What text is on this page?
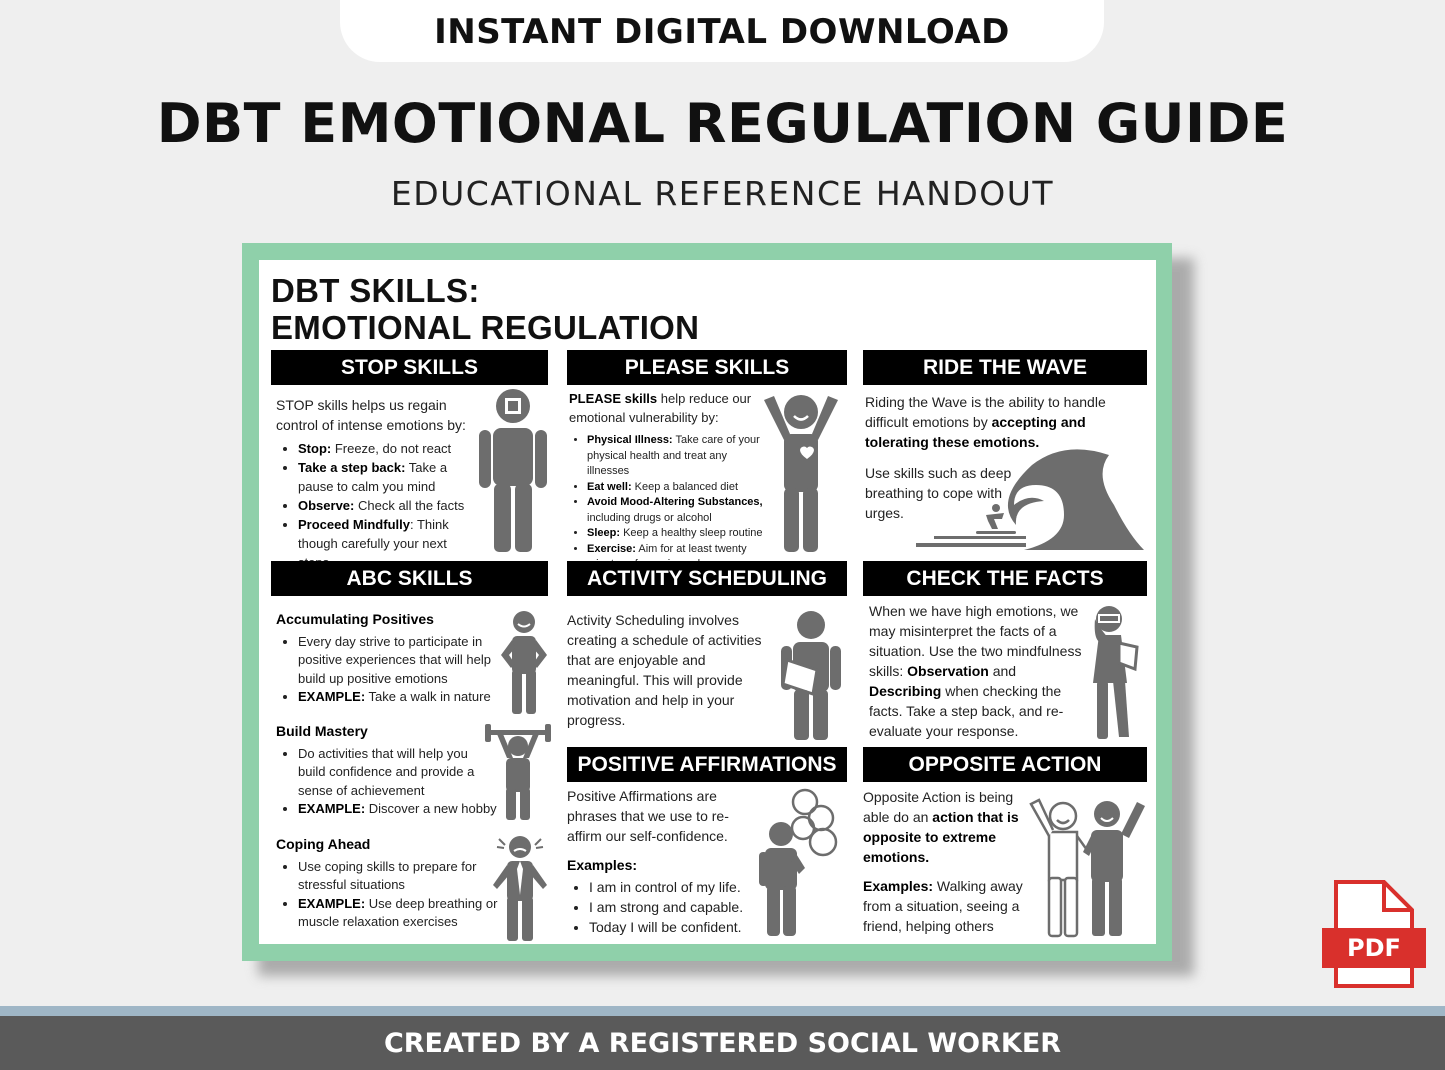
INSTANT DIGITAL DOWNLOAD
DBT EMOTIONAL REGULATION GUIDE
EDUCATIONAL REFERENCE HANDOUT
DBT SKILLS:
EMOTIONAL REGULATION
STOP SKILLS
STOP skills helps us regain control of intense emotions by:
• Stop: Freeze, do not react
• Take a step back: Take a pause to calm you mind
• Observe: Check all the facts
• Proceed Mindfully: Think though carefully your next
PLEASE SKILLS
PLEASE skills help reduce our emotional vulnerability by:
• Physical Illness: Take care of your physical health and treat any illnesses
• Eat well: Keep a balanced diet
• Avoid Mood-Altering Substances, including drugs or alcohol
• Sleep: Keep a healthy sleep routine
• Exercise: Aim for at least twenty
RIDE THE WAVE
Riding the Wave is the ability to handle difficult emotions by accepting and tolerating these emotions.
Use skills such as deep breathing to cope with urges.
ABC SKILLS
Accumulating Positives
• Every day strive to participate in positive experiences that will help build up positive emotions
• EXAMPLE: Take a walk in nature
Build Mastery
• Do activities that will help you build confidence and provide a sense of achievement
• EXAMPLE: Discover a new hobby
Coping Ahead
• Use coping skills to prepare for stressful situations
• EXAMPLE: Use deep breathing or muscle relaxation exercises
ACTIVITY SCHEDULING
Activity Scheduling involves creating a schedule of activities that are enjoyable and meaningful. This will provide motivation and help in your progress.
CHECK THE FACTS
When we have high emotions, we may misinterpret the facts of a situation. Use the two mindfulness skills: Observation and Describing when checking the facts. Take a step back, and re-evaluate your response.
POSITIVE AFFIRMATIONS
Positive Affirmations are phrases that we use to re-affirm our self-confidence.
Examples:
• I am in control of my life.
• I am strong and capable.
• Today I will be confident.
OPPOSITE ACTION
Opposite Action is being able do an action that is opposite to extreme emotions.
Examples: Walking away from a situation, seeing a friend, helping others
PDF
CREATED BY A REGISTERED SOCIAL WORKER
